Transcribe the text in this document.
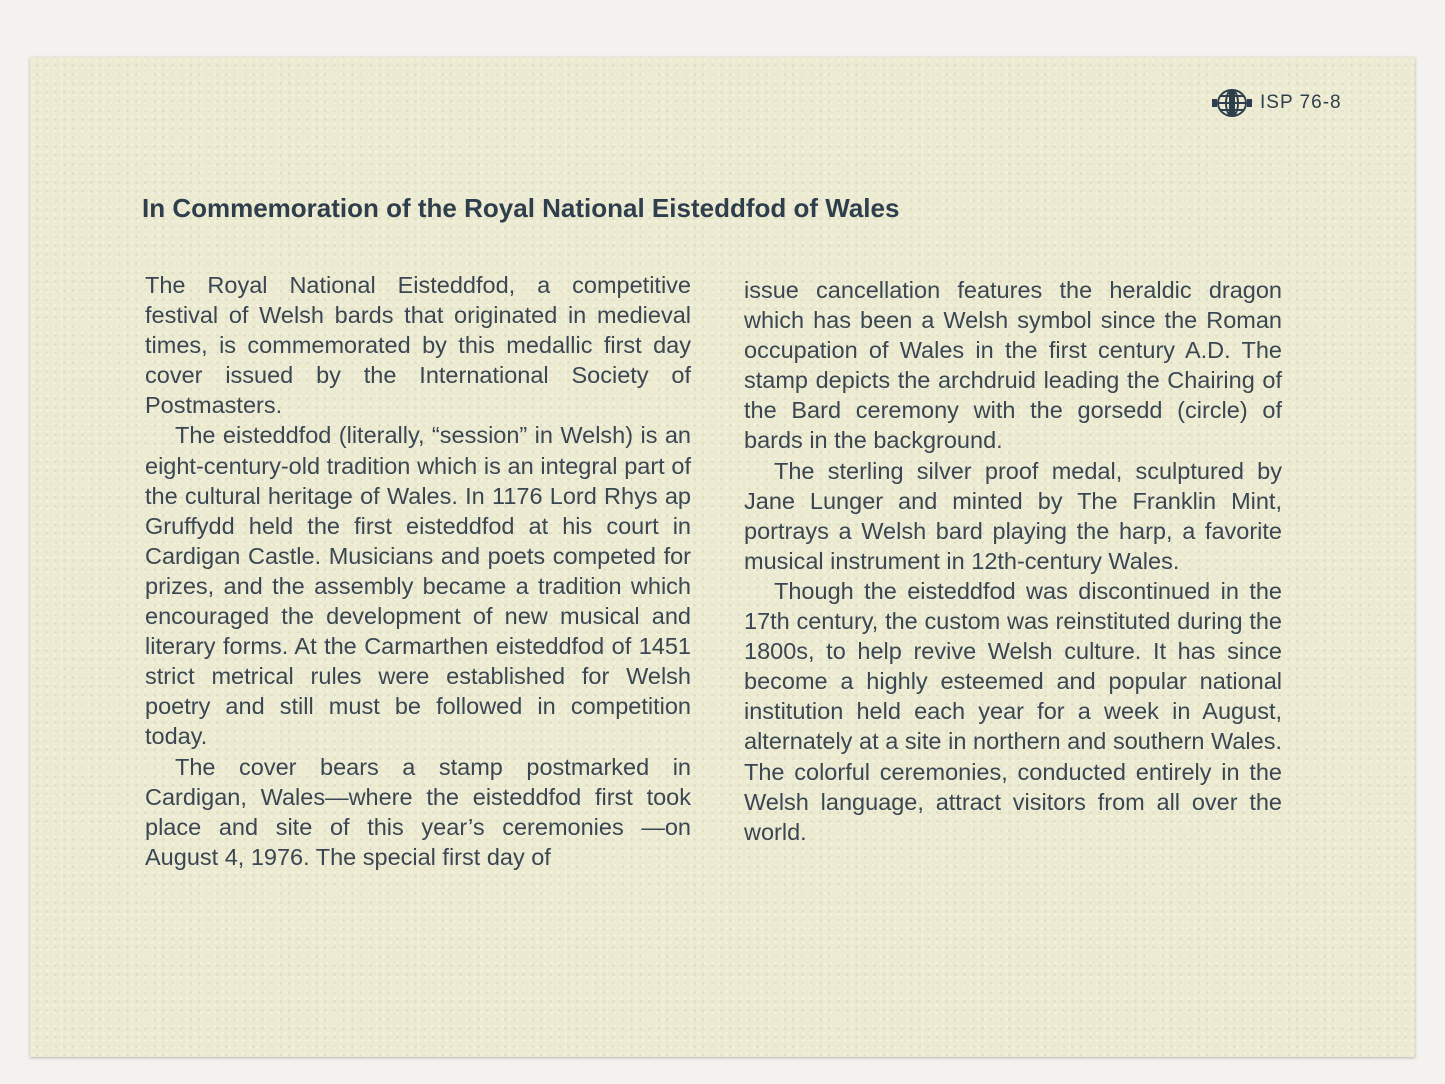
ISP 76-8
In Commemoration of the Royal National Eisteddfod of Wales

The Royal National Eisteddfod, a competitive festival of Welsh bards that originated in medieval times, is commemorated by this medallic first day cover issued by the International Society of Postmasters.

The eisteddfod (literally, “session” in Welsh) is an eight-century-old tradition which is an integral part of the cultural heritage of Wales. In 1176 Lord Rhys ap Gruffydd held the first eisteddfod at his court in Cardigan Castle. Musicians and poets competed for prizes, and the assembly became a tradition which encouraged the development of new musical and literary forms. At the Carmarthen eisteddfod of 1451 strict metrical rules were established for Welsh poetry and still must be followed in competition today.

The cover bears a stamp postmarked in Cardigan, Wales—where the eisteddfod first took place and site of this year’s ceremonies —on August 4, 1976. The special first day of

issue cancellation features the heraldic dragon which has been a Welsh symbol since the Roman occupation of Wales in the first century A.D. The stamp depicts the archdruid leading the Chairing of the Bard ceremony with the gorsedd (circle) of bards in the background.

The sterling silver proof medal, sculptured by Jane Lunger and minted by The Franklin Mint, portrays a Welsh bard playing the harp, a favorite musical instrument in 12th-century Wales.

Though the eisteddfod was discontinued in the 17th century, the custom was reinstituted during the 1800s, to help revive Welsh culture. It has since become a highly esteemed and popular national institution held each year for a week in August, alternately at a site in northern and southern Wales. The colorful ceremonies, conducted entirely in the Welsh language, attract visitors from all over the world.
